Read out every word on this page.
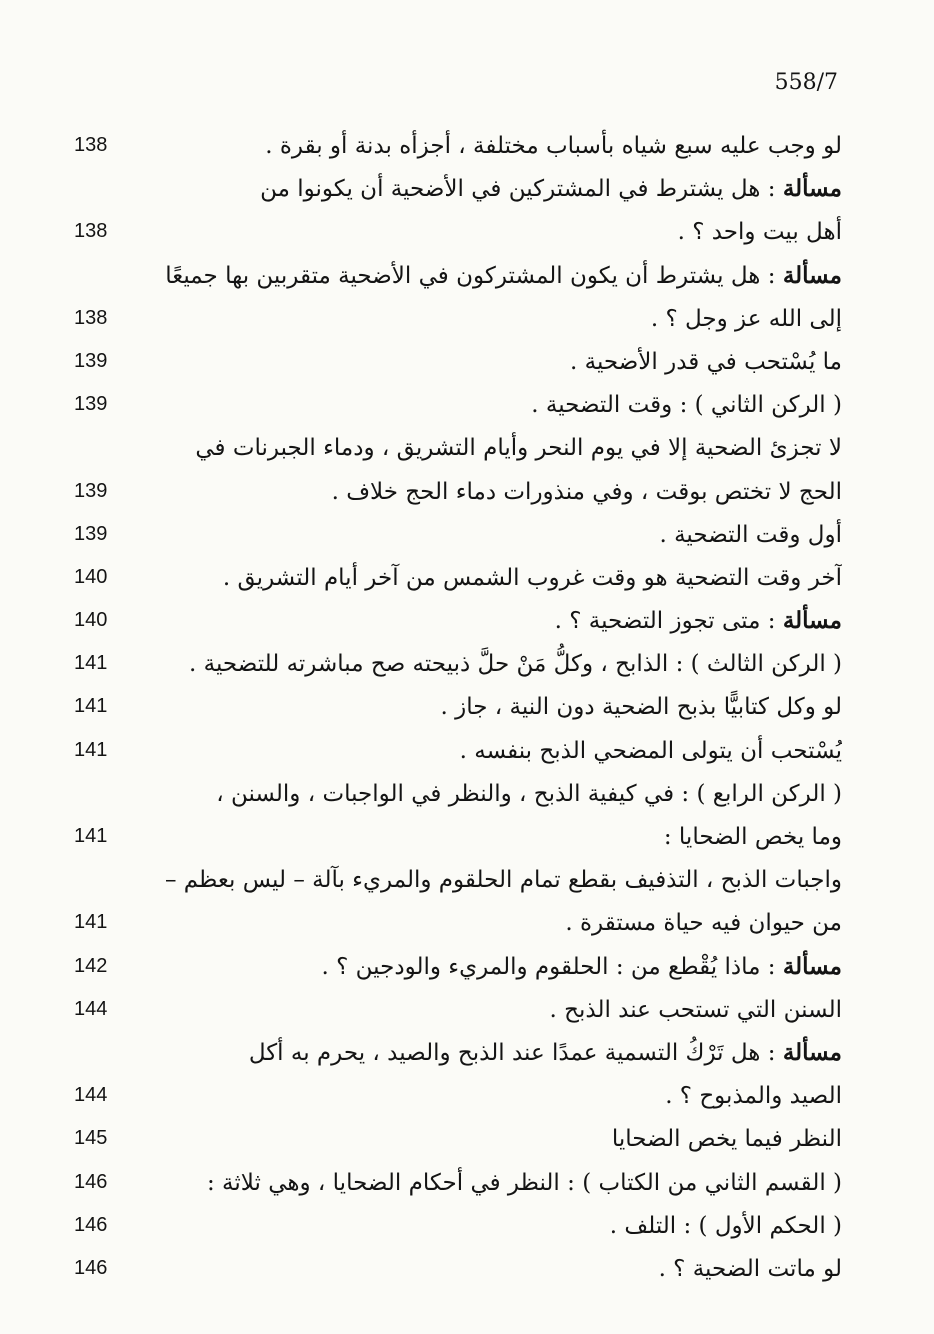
558/7
لو وجب عليه سبع شياه بأسباب مختلفة ، أجزأه بدنة أو بقرة .
138
مسألة : هل يشترط في المشتركين في الأضحية أن يكونوا من
أهل بيت واحد ؟ .
138
مسألة : هل يشترط أن يكون المشتركون في الأضحية متقربين بها جميعًا
إلى الله عز وجل ؟ .
138
ما يُسْتحب في قدر الأضحية .
139
( الركن الثاني ) : وقت التضحية .
139
لا تجزئ الضحية إلا في يوم النحر وأيام التشريق ، ودماء الجبرنات في
الحج لا تختص بوقت ، وفي منذورات دماء الحج خلاف .
139
أول وقت التضحية .
139
آخر وقت التضحية هو وقت غروب الشمس من آخر أيام التشريق .
140
مسألة : متى تجوز التضحية ؟ .
140
( الركن الثالث ) : الذابح ، وكلُّ مَنْ حلَّ ذبيحته صح مباشرته للتضحية .
141
لو وكل كتابيًّا بذبح الضحية دون النية ، جاز .
141
يُسْتحب أن يتولى المضحي الذبح بنفسه .
141
( الركن الرابع ) : في كيفية الذبح ، والنظر في الواجبات ، والسنن ،
وما يخص الضحايا :
141
واجبات الذبح ، التذفيف بقطع تمام الحلقوم والمريء بآلة – ليس بعظم –
من حيوان فيه حياة مستقرة .
141
مسألة : ماذا يُقْطع من : الحلقوم والمريء والودجين ؟ .
142
السنن التي تستحب عند الذبح .
144
مسألة : هل تَرْكُ التسمية عمدًا عند الذبح والصيد ، يحرم به أكل
الصيد والمذبوح ؟ .
144
النظر فيما يخص الضحايا
145
( القسم الثاني من الكتاب ) : النظر في أحكام الضحايا ، وهي ثلاثة :
146
( الحكم الأول ) : التلف .
146
لو ماتت الضحية ؟ .
146
